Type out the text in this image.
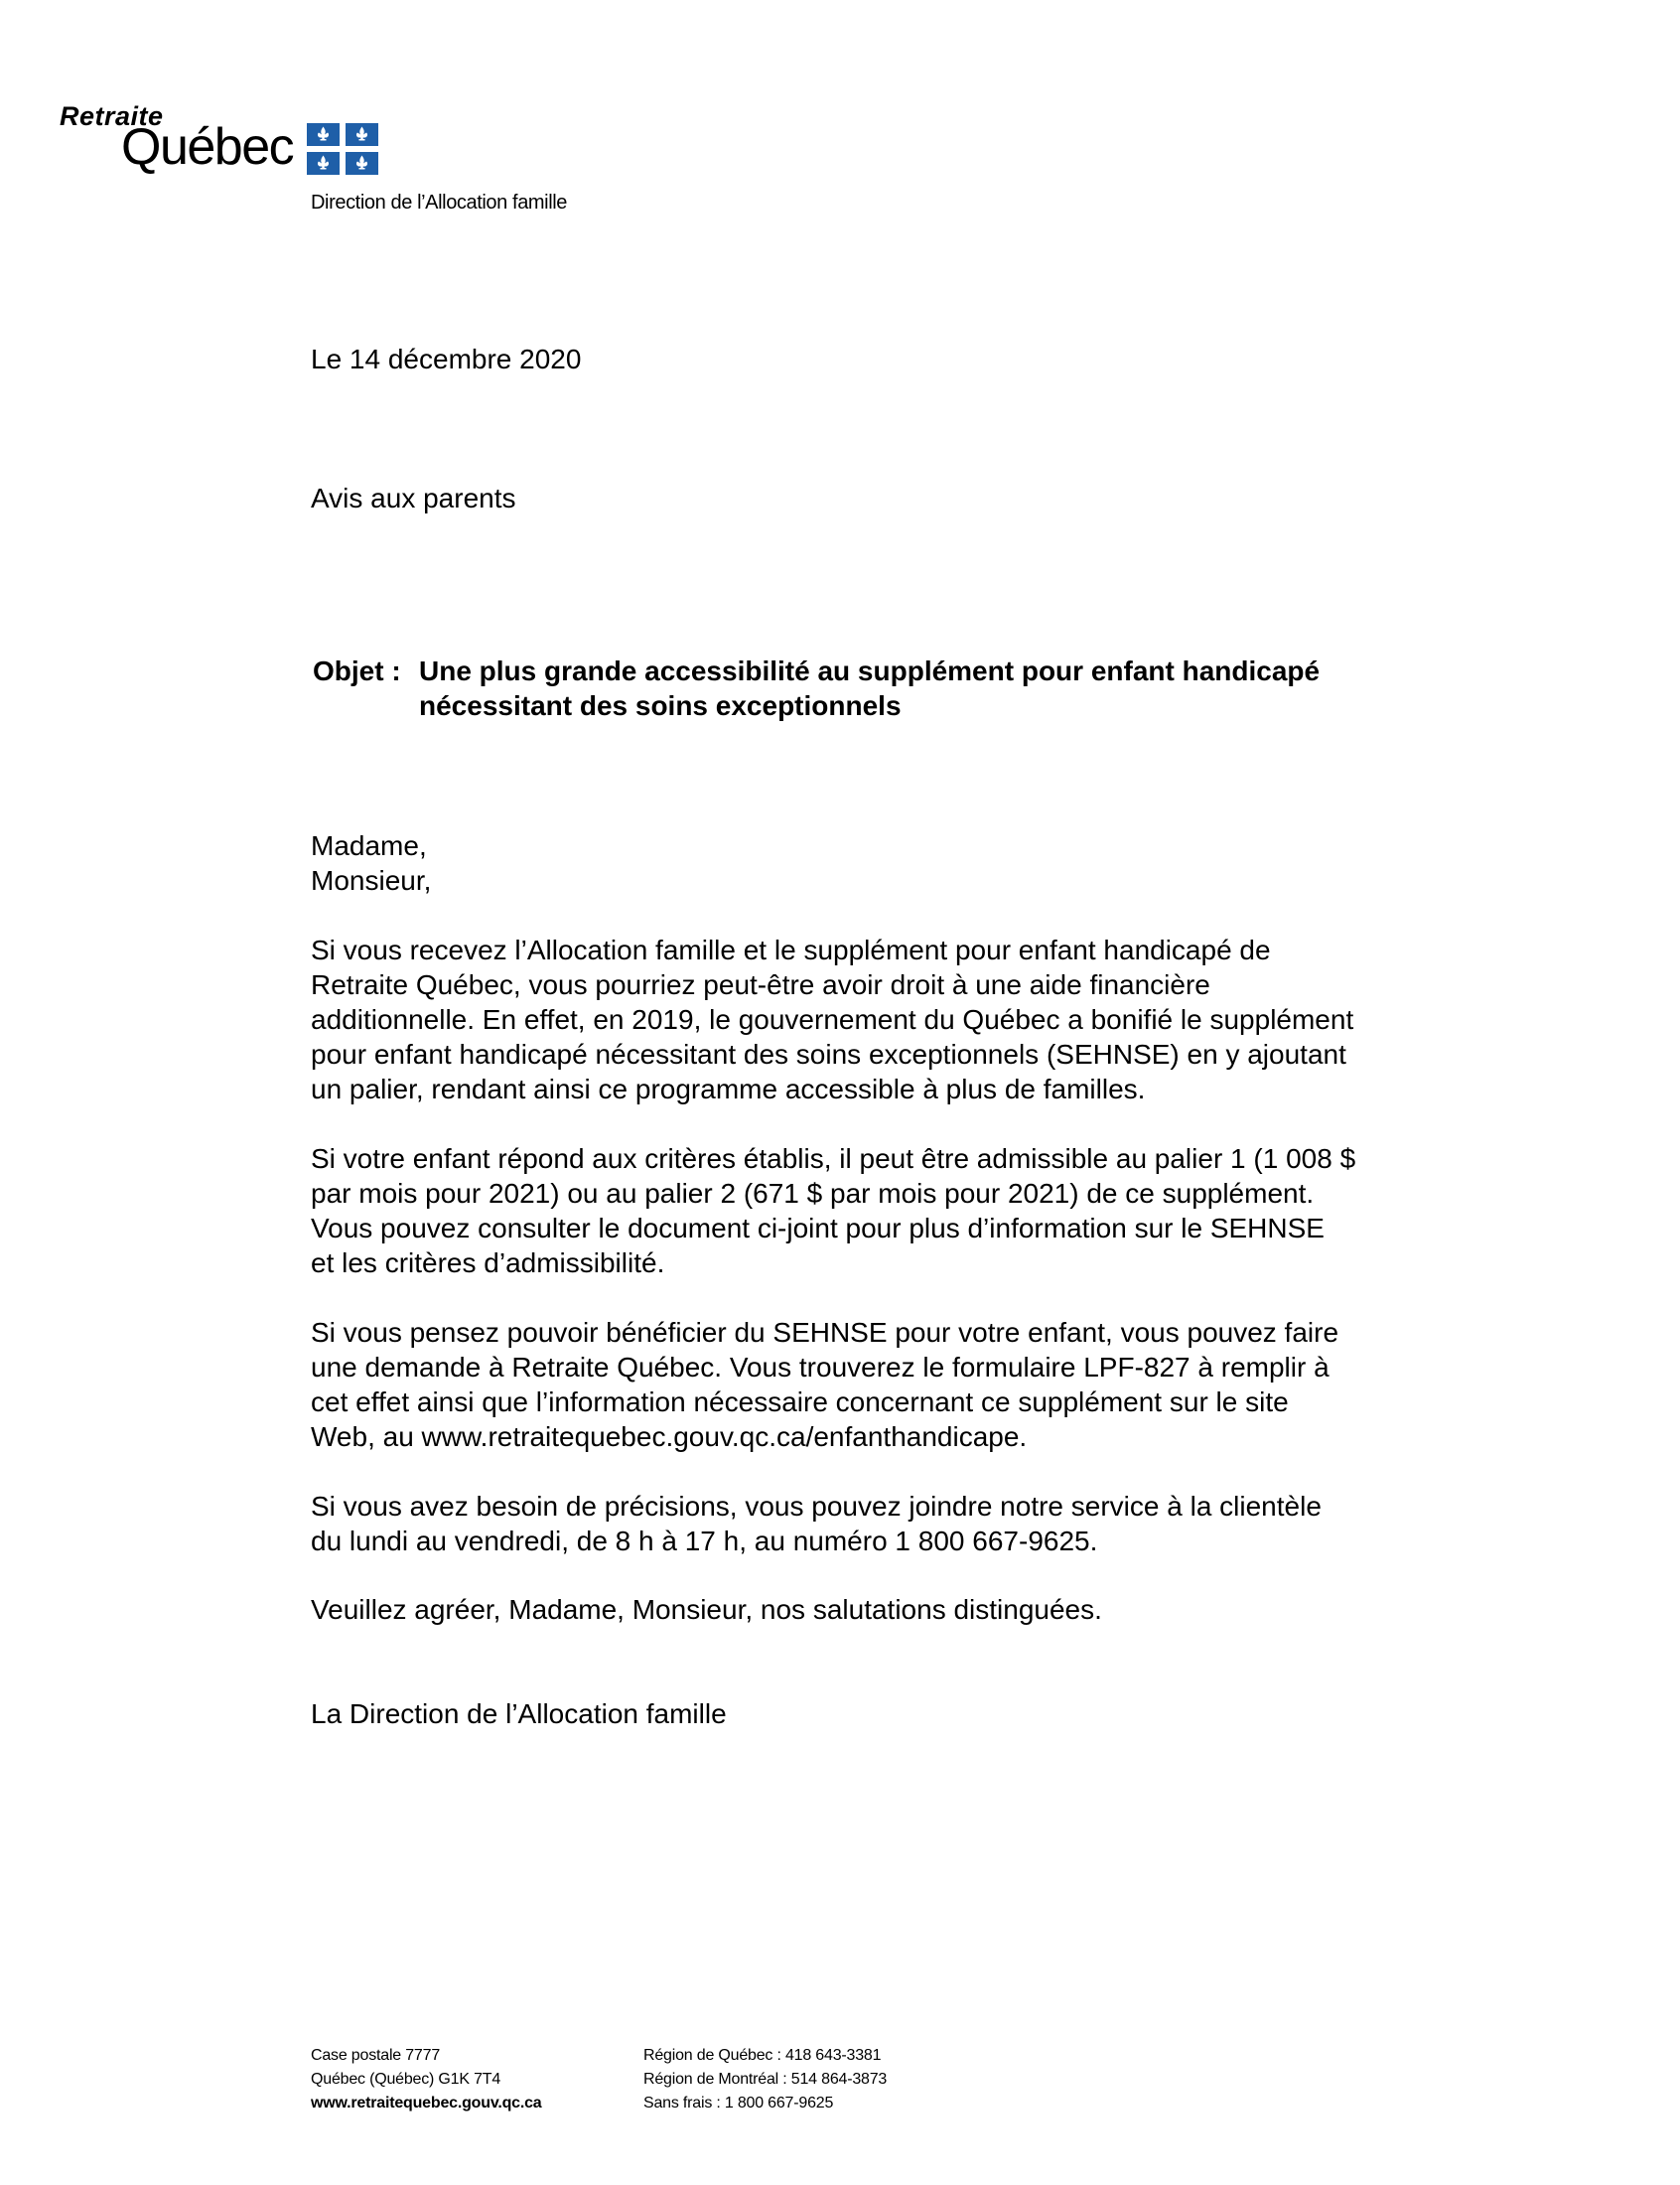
Retraite
Québec
Direction de l’Allocation famille
Le 14 décembre 2020
Avis aux parents
Objet : Une plus grande accessibilité au supplément pour enfant handicapé
nécessitant des soins exceptionnels
Madame,
Monsieur,
Si vous recevez l’Allocation famille et le supplément pour enfant handicapé de
Retraite Québec, vous pourriez peut-être avoir droit à une aide financière
additionnelle. En effet, en 2019, le gouvernement du Québec a bonifié le supplément
pour enfant handicapé nécessitant des soins exceptionnels (SEHNSE) en y ajoutant
un palier, rendant ainsi ce programme accessible à plus de familles.
Si votre enfant répond aux critères établis, il peut être admissible au palier 1 (1 008 $
par mois pour 2021) ou au palier 2 (671 $ par mois pour 2021) de ce supplément.
Vous pouvez consulter le document ci-joint pour plus d’information sur le SEHNSE
et les critères d’admissibilité.
Si vous pensez pouvoir bénéficier du SEHNSE pour votre enfant, vous pouvez faire
une demande à Retraite Québec. Vous trouverez le formulaire LPF-827 à remplir à
cet effet ainsi que l’information nécessaire concernant ce supplément sur le site
Web, au www.retraitequebec.gouv.qc.ca/enfanthandicape.
Si vous avez besoin de précisions, vous pouvez joindre notre service à la clientèle
du lundi au vendredi, de 8 h à 17 h, au numéro 1 800 667-9625.
Veuillez agréer, Madame, Monsieur, nos salutations distinguées.
La Direction de l’Allocation famille
Case postale 7777
Québec (Québec) G1K 7T4
www.retraitequebec.gouv.qc.ca
Région de Québec : 418 643-3381
Région de Montréal : 514 864-3873
Sans frais : 1 800 667-9625
